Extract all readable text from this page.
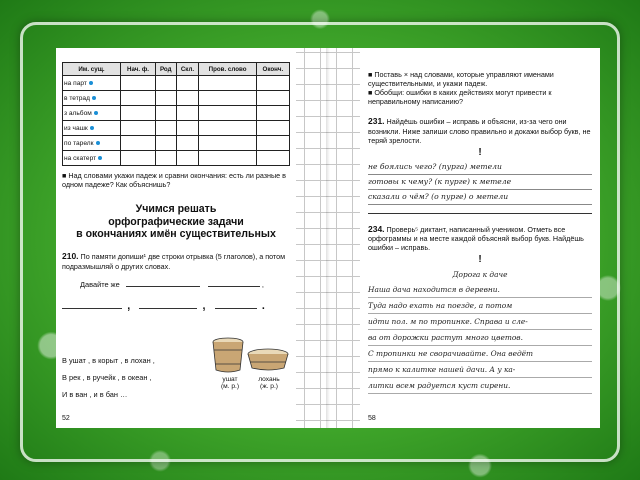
Им. сущ.	Нач. ф.	Род	Скл.	Пров. слово	Оконч.
на парт					
в тетрад					
з альбом					
из чашк					
по тарелк					
на скатерт					
■ Над словами укажи падеж и сравни окончания: есть ли разные в одном падеже? Как объяснишь?
Учимся решать
орфографические задачи
в окончаниях имён существительных
210. По памяти допиши¹ две строки отрывка (5 глаголов), а потом подразмышляй о других словах.
Давайте же	,
,	,	.
В ушат , в корыт , в лохан ,
В рек , в ручейк , в океан ,
И в ван , и в бан …
ушат
(м. р.)
лохань
(ж. р.)
52
■ Поставь × над словами, которые управляют именами существительными, и укажи падеж.
■ Обобщи: ошибки в каких действиях могут привести к неправильному написанию?
231. Найдёшь ошибки – исправь и объясни, из-за чего они возникли. Ниже запиши слово правильно и докажи выбор букв, не теряй зрелости.
!
не боялись чего? (пурга) метели
готовы к чему? (к пурге) к метеле
сказали о чём? (о пурге) о метели
234. Проверь⁵ диктант, написанный учеником. Отметь все орфограммы и на месте каждой объясняй выбор букв. Найдёшь ошибки – исправь.
!
Дорога к даче
Наша дача находится в деревни.
Туда надо ехать на поезде, а потом
идти пол. м по тропинке. Справа и сле-
ва от дорожки растут много цветов.
С тропинки не сворачивайте. Она ведёт
прямо к калитке нашей дачи. А у ка-
литки всем радуется куст сирени.
58
